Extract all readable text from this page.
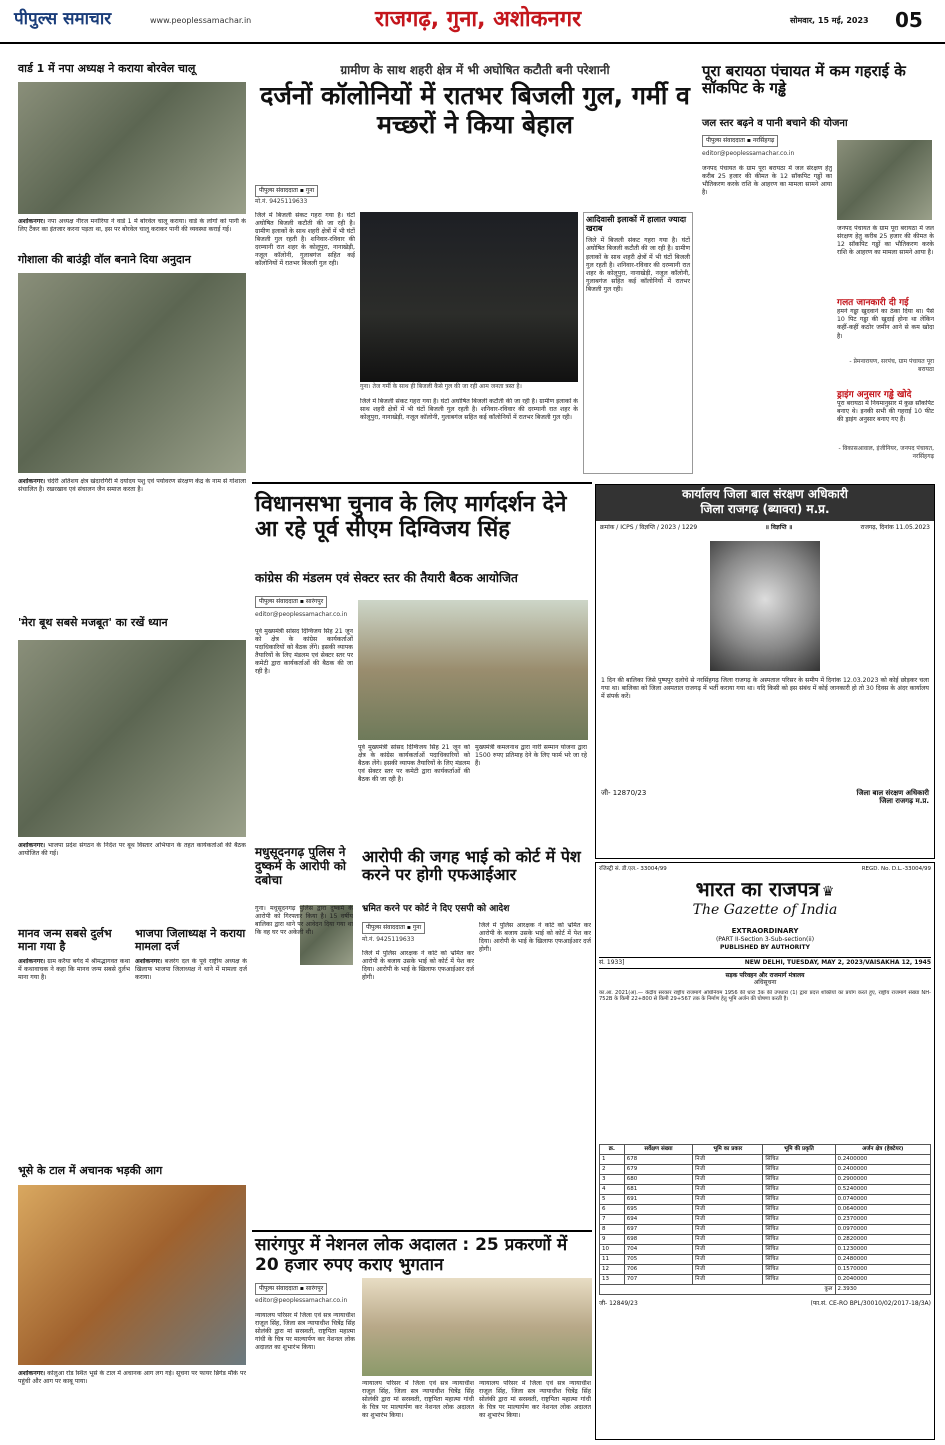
पीपुल्स समाचार	www.peoplessamachar.in	राजगढ़, गुना, अशोकनगर	सोमवार, 15 मई, 2023 05
वार्ड 1 में नपा अध्यक्ष ने कराया बोरवेल चालू
अशोकनगर। नपा अध्यक्ष नीरज मनोरिया ने वार्ड 1 में बोरवेल चालू कराया। वार्ड के लोगों को पानी के लिए टैंकर का इंतजार करना पड़ता था, इस पर बोरवेल चालू कराकर पानी की व्यवस्था कराई गई।
गोशाला की बाउंड्री वॉल बनाने दिया अनुदान
अशोकनगर। चंदेरी अतिशय क्षेत्र खंदारगिरी में दयोदय पशु एवं पर्यावरण संरक्षण केंद्र के नाम से गोशाला संचालित है। रखरखाव एवं संचालन जैन समाज करता है।
'मेरा बूथ सबसे मजबूत' का रखें ध्यान
अशोकनगर। भाजपा प्रदेश संगठन के निर्देश पर बूथ विस्तार अभियान के तहत कार्यकर्ताओं की बैठक आयोजित की गई।
मानव जन्म सबसे दुर्लभ माना गया है
अशोकनगर। ग्राम करैया बर्गेद में श्रीमद्भागवत कथा में कथावाचक ने कहा कि मानव जन्म सबसे दुर्लभ माना गया है।
भाजपा जिलाध्यक्ष ने कराया मामला दर्ज
अशोकनगर। बजरंग दल के पूर्व राष्ट्रीय अध्यक्ष के खिलाफ भाजपा जिलाध्यक्ष ने थाने में मामला दर्ज कराया।
भूसे के टाल में अचानक भड़की आग
अशोकनगर। कोलुआ रोड स्थित भूसे के टाल में अचानक आग लग गई। सूचना पर फायर ब्रिगेड मौके पर पहुंची और आग पर काबू पाया।
ग्रामीण के साथ शहरी क्षेत्र में भी अघोषित कटौती बनी परेशानी
दर्जनों कॉलोनियों में रातभर बिजली गुल, गर्मी व मच्छरों ने किया बेहाल
पीपुल्स संवाददाता ▪ गुना
मो.नं. 9425119633
जिले में बिजली संकट गहरा गया है। घंटों अघोषित बिजली कटौती की जा रही है। ग्रामीण इलाकों के साथ शहरी क्षेत्रों में भी घंटों बिजली गुल रहती है। शनिवार-रविवार की दरम्यानी रात शहर के कोलूपुरा, नानाखेड़ी, नजूल कॉलोनी, गुलाबगंज सहित कई कॉलोनियों में रातभर बिजली गुल रही।
गुना। तेज गर्मी के साथ ही बिजली कैसे गुल की जा रही आम जनता त्रस्त है।
जिले में बिजली संकट गहरा गया है। घंटों अघोषित बिजली कटौती की जा रही है। ग्रामीण इलाकों के साथ शहरी क्षेत्रों में भी घंटों बिजली गुल रहती है। शनिवार-रविवार की दरम्यानी रात शहर के कोलूपुरा, नानाखेड़ी, नजूल कॉलोनी, गुलाबगंज सहित कई कॉलोनियों में रातभर बिजली गुल रही।
आदिवासी इलाकों में हालात ज्यादा खराब
जिले में बिजली संकट गहरा गया है। घंटों अघोषित बिजली कटौती की जा रही है। ग्रामीण इलाकों के साथ शहरी क्षेत्रों में भी घंटों बिजली गुल रहती है। शनिवार-रविवार की दरम्यानी रात शहर के कोलूपुरा, नानाखेड़ी, नजूल कॉलोनी, गुलाबगंज सहित कई कॉलोनियों में रातभर बिजली गुल रही।
पूरा बरायठा पंचायत में कम गहराई के सॉकपिट के गड्ढे
जल स्तर बढ़ने व पानी बचाने की योजना
पीपुल्स संवाददाता ▪ नरसिंहगढ़
editor@peoplessamachar.co.in
जनपद पंचायत के ग्राम पूरा बरायठा में जल संरक्षण हेतु करीब 25 हजार की कीमत के 12 सॉकपिट गड्ढों का भौतिकरण करके राशि के आहरण का मामला सामने आया है।
जनपद पंचायत के ग्राम पूरा बरायठा में जल संरक्षण हेतु करीब 25 हजार की कीमत के 12 सॉकपिट गड्ढों का भौतिकरण करके राशि के आहरण का मामला सामने आया है।
गलत जानकारी दी गई
हमने गड्ढा खुदवाने का ठेका दिया था। पैसे 10 पिट गड्ढा की खुदाई होना था लेकिन कहीं-कहीं कठोर जमीन आने से कम खोदा है।
- प्रेमनारायण, सरपंच, ग्राम पंचायत पूरा बरायठा
ड्राइंग अनुसार गड्ढे खोदे
पूरा बरायठा में नियमानुसार में कुछ सॉकपिट बनाए थे। इनकी सभी की गहराई 10 फीट की ड्राइंग अनुसार बनाए गए हैं।
- विकासआवाल, इंजीनियर, जनपद पंचायत, नरसिंहगढ़
विधानसभा चुनाव के लिए मार्गदर्शन देने आ रहे पूर्व सीएम दिग्विजय सिंह
कांग्रेस की मंडलम एवं सेक्टर स्तर की तैयारी बैठक आयोजित
पीपुल्स संवाददाता ▪ सारंगपुर
editor@peoplessamachar.co.in
पूर्व मुख्यमंत्री सांसद दिग्विजय सिंह 21 जून को क्षेत्र के कांग्रेस कार्यकर्ताओं पदाधिकारियों को बैठक लेंगे। इसकी व्यापक तैयारियों के लिए मंडलम एवं सेक्टर स्तर पर कमेटी द्वारा कार्यकर्ताओं की बैठक की जा रही है।
पूर्व मुख्यमंत्री सांसद दिग्विजय सिंह 21 जून को क्षेत्र के कांग्रेस कार्यकर्ताओं पदाधिकारियों को बैठक लेंगे। इसकी व्यापक तैयारियों के लिए मंडलम एवं सेक्टर स्तर पर कमेटी द्वारा कार्यकर्ताओं की बैठक की जा रही है।
मुख्यमंत्री कमलनाथ द्वारा नारी सम्मान योजना द्वारा 1500 रुपए प्रतिमाह देने के लिए फार्म भरे जा रहे हैं।
मधुसूदनगढ़ पुलिस ने दुष्कर्म के आरोपी को दबोचा
गुना। मधुसूदनगढ़ पुलिस द्वारा दुष्कर्म के आरोपी को गिरफ्तार किया है। 15 वर्षीय बालिका द्वारा थाने पर आवेदन दिया गया था कि वह घर पर अकेली थी।
आरोपी की जगह भाई को कोर्ट में पेश करने पर होगी एफआईआर
भ्रमित करने पर कोर्ट ने दिए एसपी को आदेश
पीपुल्स संवाददाता ▪ गुना
मो.नं. 9425119633
जिले में पुलिस आरक्षक ने कोर्ट को भ्रमित कर आरोपी के बजाय उसके भाई को कोर्ट में पेश कर दिया। आरोपी के भाई के खिलाफ एफआईआर दर्ज होगी।
जिले में पुलिस आरक्षक ने कोर्ट को भ्रमित कर आरोपी के बजाय उसके भाई को कोर्ट में पेश कर दिया। आरोपी के भाई के खिलाफ एफआईआर दर्ज होगी।
सारंगपुर में नेशनल लोक अदालत : 25 प्रकरणों में 20 हजार रुपए कराए भुगतान
पीपुल्स संवाददाता ▪ सारंगपुर
editor@peoplessamachar.co.in
न्यायालय परिसर में जिला एवं सत्र न्यायाधीश राजूल सिंह, जिला सत्र न्यायाधीश चित्रेंद्र सिंह सोलंकी द्वारा मां सरस्वती, राष्ट्रपिता महात्मा गांधी के चित्र पर माल्यार्पण कर नेशनल लोक अदालत का शुभारंभ किया।
न्यायालय परिसर में जिला एवं सत्र न्यायाधीश राजूल सिंह, जिला सत्र न्यायाधीश चित्रेंद्र सिंह सोलंकी द्वारा मां सरस्वती, राष्ट्रपिता महात्मा गांधी के चित्र पर माल्यार्पण कर नेशनल लोक अदालत का शुभारंभ किया।
न्यायालय परिसर में जिला एवं सत्र न्यायाधीश राजूल सिंह, जिला सत्र न्यायाधीश चित्रेंद्र सिंह सोलंकी द्वारा मां सरस्वती, राष्ट्रपिता महात्मा गांधी के चित्र पर माल्यार्पण कर नेशनल लोक अदालत का शुभारंभ किया।
कार्यालय जिला बाल संरक्षण अधिकारी
जिला राजगढ़ (ब्यावरा) म.प्र.
क्रमांक / ICPS / विज्ञप्ति / 2023 / 1229	॥ विज्ञप्ति ॥	राजगढ़, दिनांक 11.05.2023
1 दिन की बालिका जिसे पुष्पपुर दलोचे से नरसिंहगढ़ जिला राजगढ़ के अस्पताल परिसर के समीप में दिनांक 12.03.2023 को कोई छोड़कर चला गया था। बालिका को जिला अस्पताल राजगढ़ में भर्ती कराया गया था। यदि किसी को इस संबंध में कोई जानकारी हो तो 30 दिवस के अंदर कार्यालय में संपर्क करें।
जी- 12870/23	जिला बाल संरक्षण अधिकारी
जिला राजगढ़ म.प्र.
रजिस्ट्री सं. डी.एल.- 33004/99	REGD. No. D.L.-33004/99
भारत का राजपत्र ♛
The Gazette of India
EXTRAORDINARY
(PART II-Section 3-Sub-section(ii)
PUBLISHED BY AUTHORITY
सं. 1933]	NEW DELHI, TUESDAY, MAY 2, 2023/VAISAKHA 12, 1945
सड़क परिवहन और राजमार्ग मंत्रालय
अधिसूचना
का.आ. 2021(अ).— केंद्रीय सरकार राष्ट्रीय राजमार्ग अधिनियम 1956 की धारा 3क की उपधारा (1) द्वारा प्रदत्त शक्तियों का प्रयोग करते हुए, राष्ट्रीय राजमार्ग संख्या NH-752B के किमी 22+800 से किमी 29+567 तक के निर्माण हेतु भूमि अर्जन की घोषणा करती है।
क्र.	सर्वेक्षण संख्या	भूमि का प्रकार	भूमि की प्रकृति	अर्जन क्षेत्र (हेक्टेयर)
1	678	निजी	सिंचित	0.2400000
2	679	निजी	सिंचित	0.2400000
3	680	निजी	सिंचित	0.2900000
4	681	निजी	सिंचित	0.5240000
5	691	निजी	सिंचित	0.0740000
6	695	निजी	सिंचित	0.0640000
7	694	निजी	सिंचित	0.2370000
8	697	निजी	सिंचित	0.0970000
9	698	निजी	सिंचित	0.2820000
10	704	निजी	सिंचित	0.1230000
11	705	निजी	सिंचित	0.2480000
12	706	निजी	सिंचित	0.1570000
13	707	निजी	सिंचित	0.2040000
कुल				2.3930
जी- 12849/23	(फा.सं. CE-RO BPL/30010/02/2017-18/3A)
